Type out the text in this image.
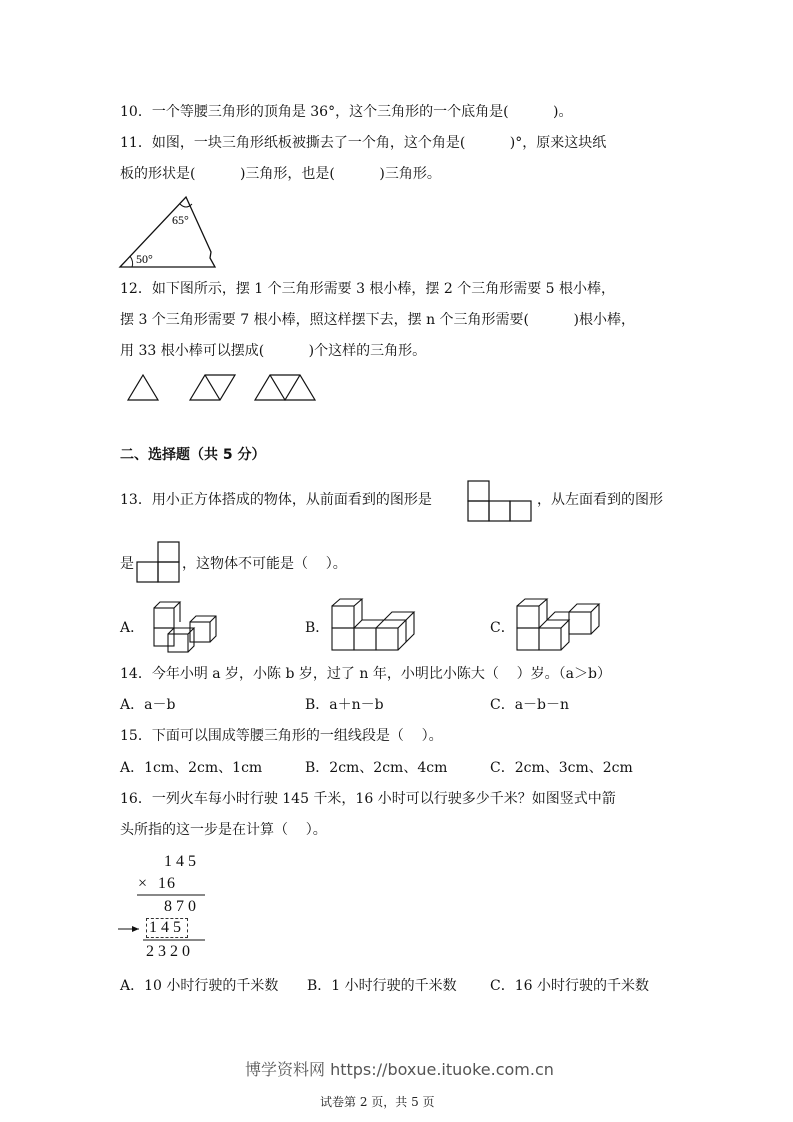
10．一个等腰三角形的顶角是 36°，这个三角形的一个底角是(          )。
11．如图，一块三角形纸板被撕去了一个角，这个角是(          )°，原来这块纸
板的形状是(          )三角形，也是(          )三角形。
65°
50°
12．如下图所示，摆 1 个三角形需要 3 根小棒，摆 2 个三角形需要 5 根小棒，
摆 3 个三角形需要 7 根小棒，照这样摆下去，摆 n 个三角形需要(          )根小棒，
用 33 根小棒可以摆成(          )个这样的三角形。
二、选择题（共 5 分）
13．用小正方体搭成的物体，从前面看到的图形是	，从左面看到的图形
是	，这物体不可能是（    ）。
A．	B．	C．
14．今年小明 a 岁，小陈 b 岁，过了 n 年，小明比小陈大（    ）岁。（a＞b）
A．a－b	B．a＋n－b	C．a－b－n
15．下面可以围成等腰三角形的一组线段是（    ）。
A．1cm、2cm、1cm	B．2cm、2cm、4cm	C．2cm、3cm、2cm
16．一列火车每小时行驶 145 千米，16 小时可以行驶多少千米？如图竖式中箭
头所指的这一步是在计算（    ）。
145
×  16
870
145
2320
A．10 小时行驶的千米数 B．1 小时行驶的千米数 C．16 小时行驶的千米数
博学资料网 https://boxue.ituoke.com.cn
试卷第 2 页，共 5 页
